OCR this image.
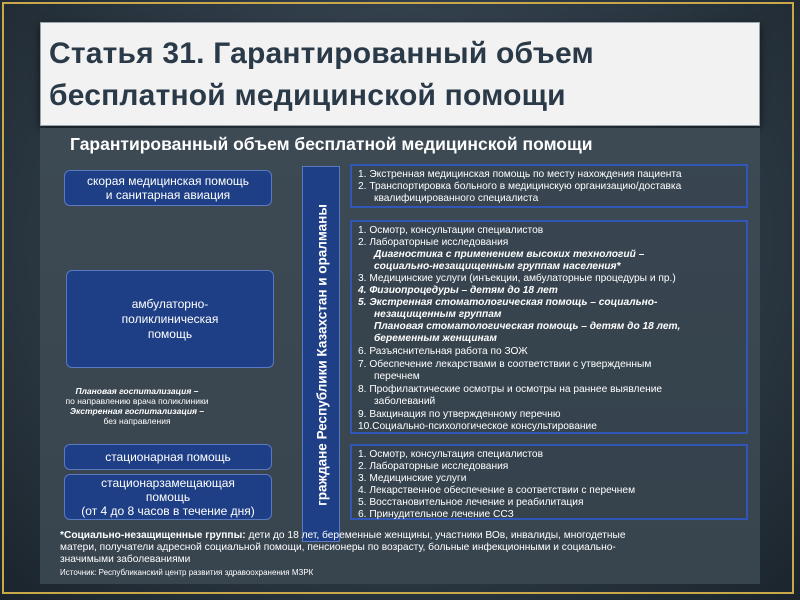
Статья 31. Гарантированный объем
бесплатной медицинской помощи
Гарантированный объем бесплатной медицинской помощи
скорая медицинская помощь
и санитарная авиация
амбулаторно-
поликлиническая
помощь
Плановая госпитализация –
по направлению врача поликлиники
Экстренная госпитализация –
без направления
стационарная помощь
стационарзамещающая
помощь
(от 4 до 8 часов в течение дня)
граждане Республики Казахстан и оралманы
1. Экстренная медицинская помощь по месту нахождения пациента
2. Транспортировка больного в медицинскую организацию/доставка
квалифицированного специалиста
1. Осмотр, консультации специалистов
2. Лабораторные исследования
Диагностика с применением высоких технологий –
социально-незащищенным группам населения*
3. Медицинские услуги (инъекции, амбулаторные процедуры и пр.)
4. Физиопроцедуры – детям до 18 лет
5. Экстренная стоматологическая помощь – социально-
незащищенным группам
Плановая стоматологическая помощь – детям до 18 лет,
беременным женщинам
6. Разъяснительная работа по ЗОЖ
7. Обеспечение лекарствами в соответствии с утвержденным
перечнем
8. Профилактические осмотры и осмотры на раннее выявление
заболеваний
9. Вакцинация по утвержденному перечню
10.Социально-психологическое консультирование
1. Осмотр, консультация специалистов
2. Лабораторные исследования
3. Медицинские услуги
4. Лекарственное обеспечение в соответствии с перечнем
5. Восстановительное лечение и реабилитация
6. Принудительное лечение ССЗ
*Социально-незащищенные группы: дети до 18 лет, беременные женщины, участники ВОв, инвалиды, многодетные
матери, получатели адресной социальной помощи, пенсионеры по возрасту, больные инфекционными и социально-
значимыми заболеваниями
Источник: Республиканский центр развития здравоохранения МЗРК
